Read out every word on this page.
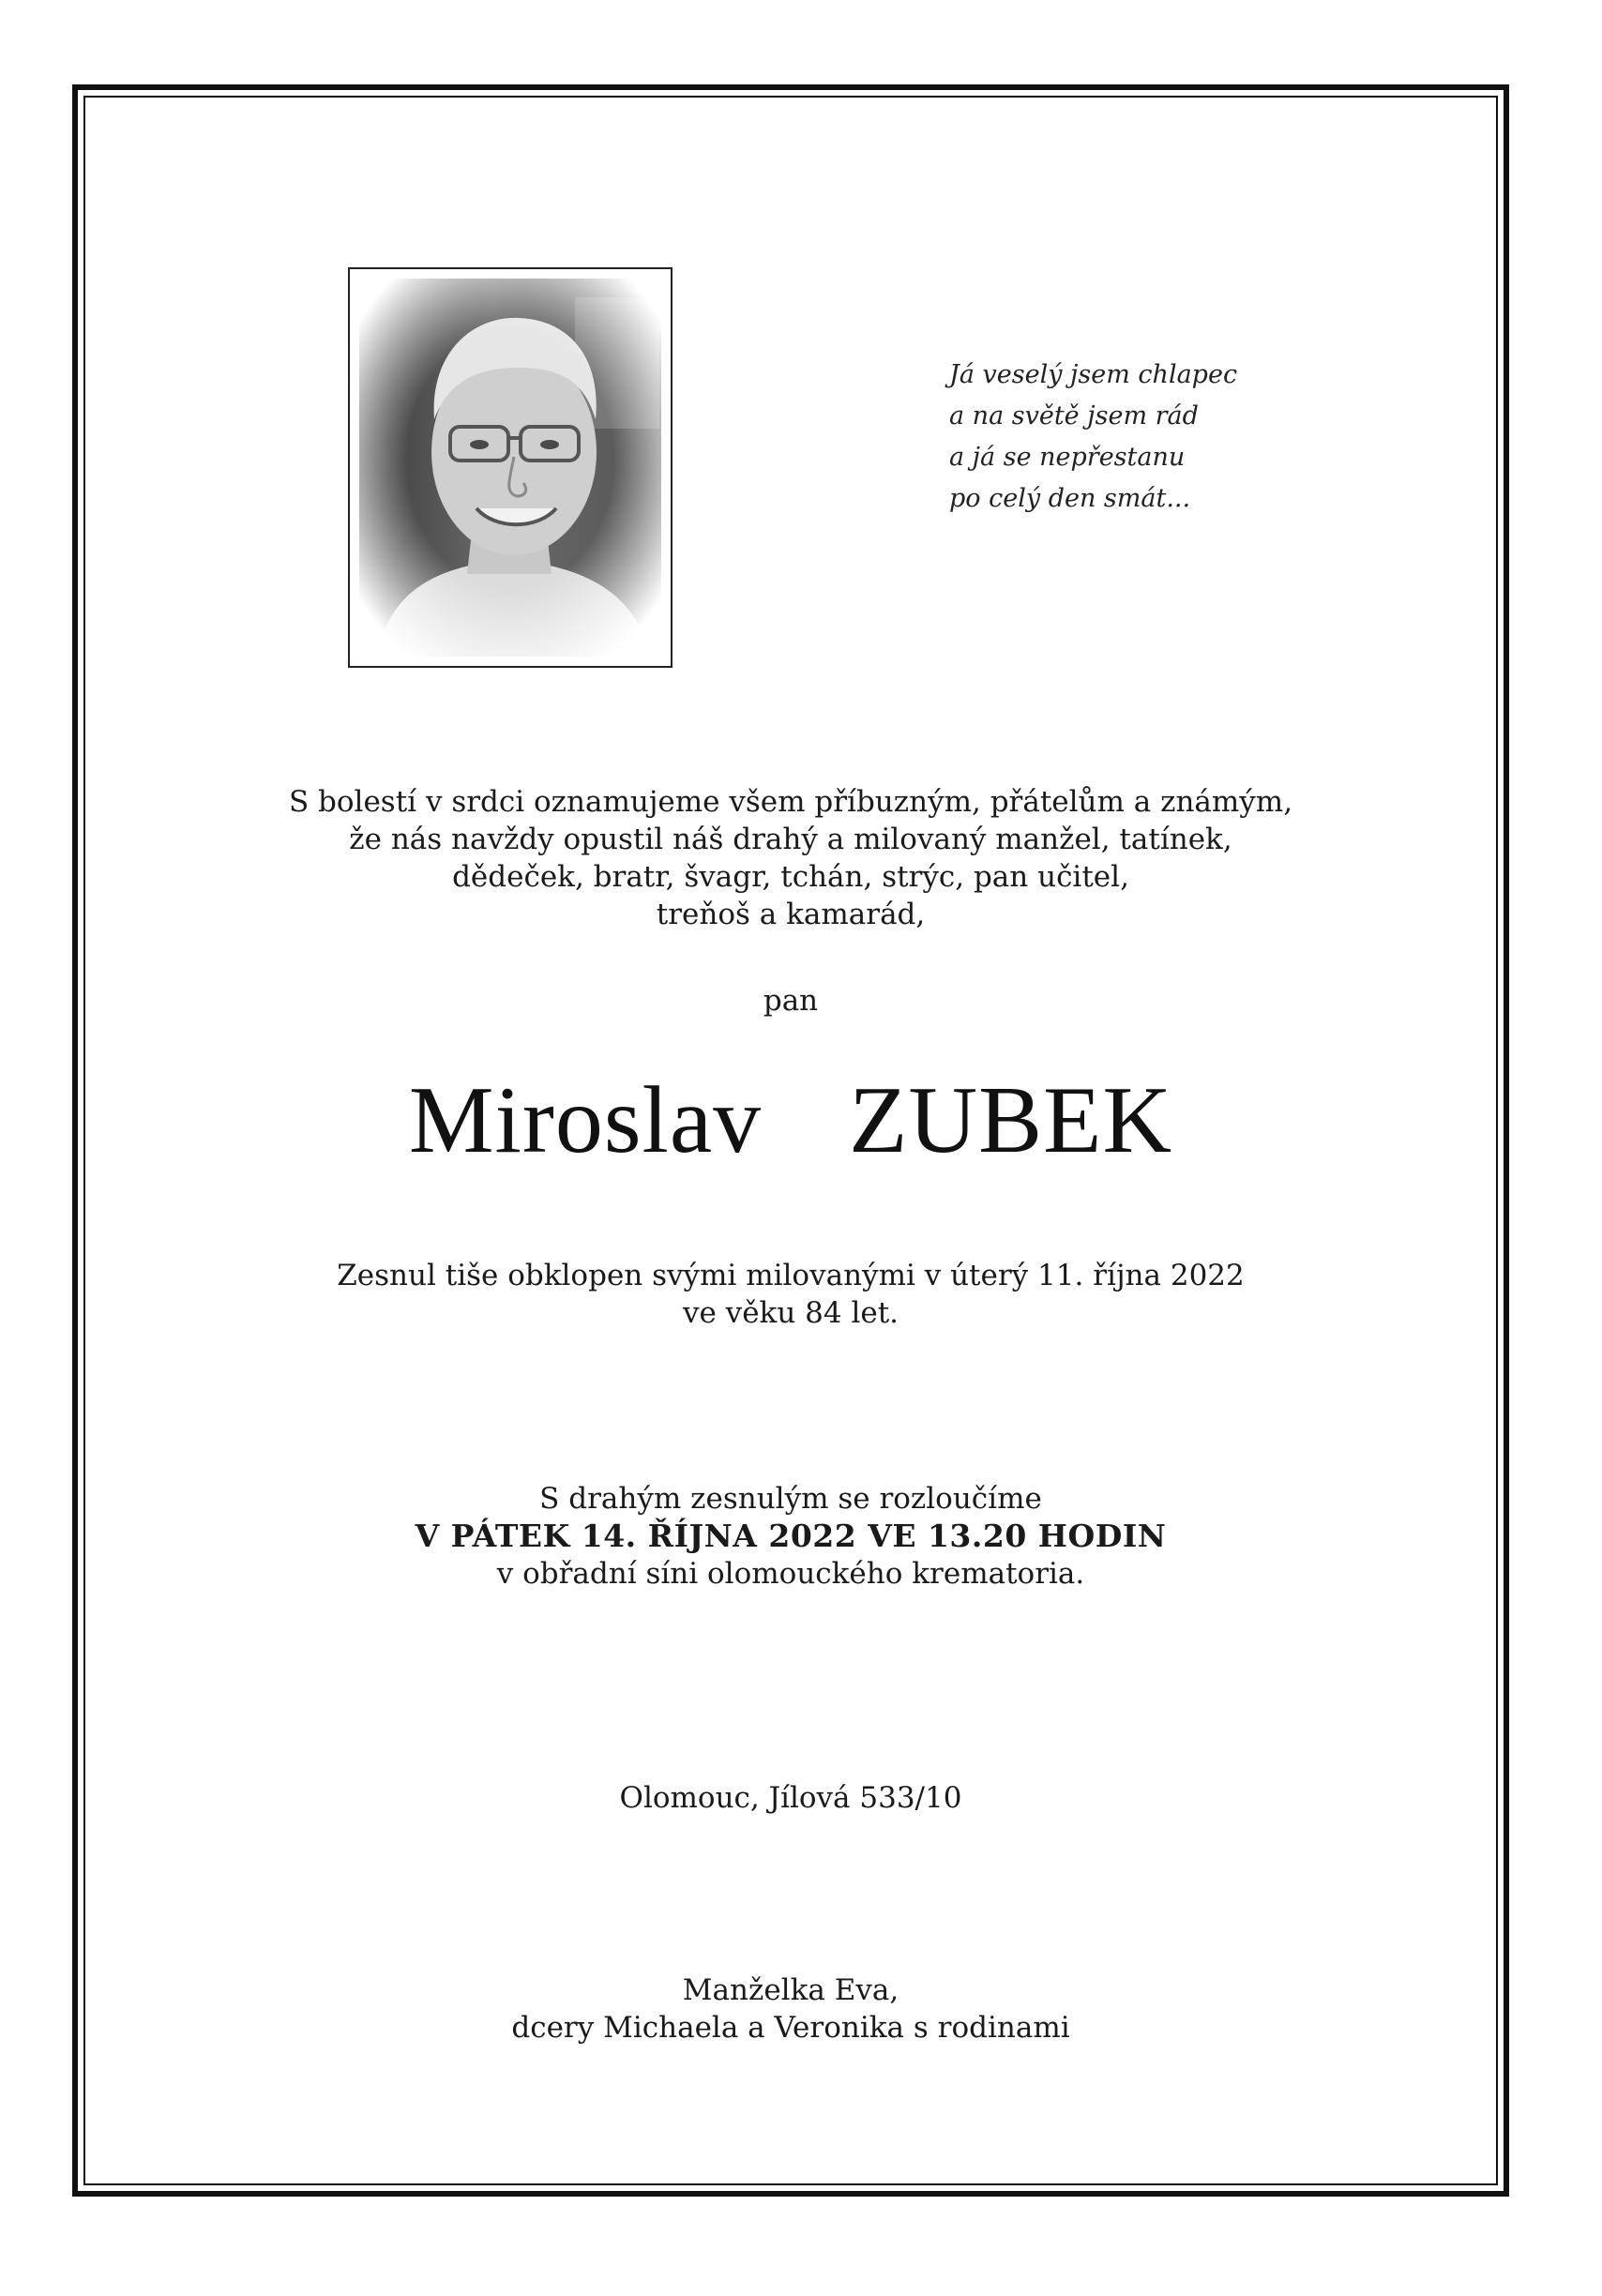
Já veselý jsem chlapec
a na světě jsem rád
a já se nepřestanu
po celý den smát...
S bolestí v srdci oznamujeme všem příbuzným, přátelům a známým,
že nás navždy opustil náš drahý a milovaný manžel, tatínek,
dědeček, bratr, švagr, tchán, strýc, pan učitel,
treňoš a kamarád,
pan
Miroslav  ZUBEK
Zesnul tiše obklopen svými milovanými v úterý 11. října 2022
ve věku 84 let.
S drahým zesnulým se rozloučíme
V PÁTEK 14. ŘÍJNA 2022 VE 13.20 HODIN
v obřadní síni olomouckého krematoria.
Olomouc, Jílová 533/10
Manželka Eva,
dcery Michaela a Veronika s rodinami
